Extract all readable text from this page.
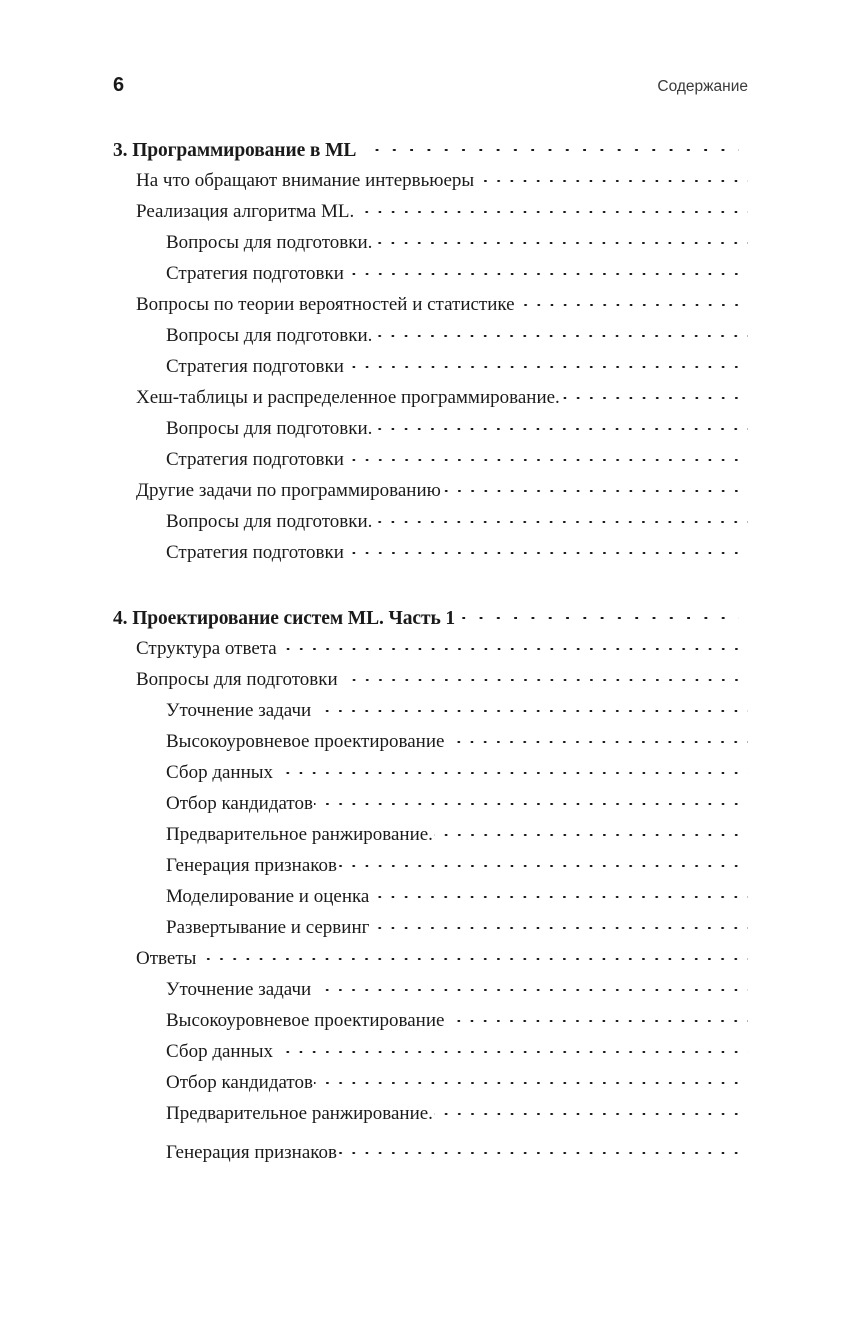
6	Содержание
3. Программирование в ML
На что обращают внимание интервьюеры
Реализация алгоритма ML.
Вопросы для подготовки.
Стратегия подготовки
Вопросы по теории вероятностей и статистике
Вопросы для подготовки.
Стратегия подготовки
Хеш-таблицы и распределенное программирование.
Вопросы для подготовки.
Стратегия подготовки
Другие задачи по программированию
Вопросы для подготовки.
Стратегия подготовки
4. Проектирование систем ML. Часть 1
Структура ответа
Вопросы для подготовки
Уточнение задачи
Высокоуровневое проектирование
Сбор данных
Отбор кандидатов
Предварительное ранжирование.
Генерация признаков
Моделирование и оценка
Развертывание и сервинг
Ответы
Уточнение задачи
Высокоуровневое проектирование
Сбор данных
Отбор кандидатов
Предварительное ранжирование.
Генерация признаков
